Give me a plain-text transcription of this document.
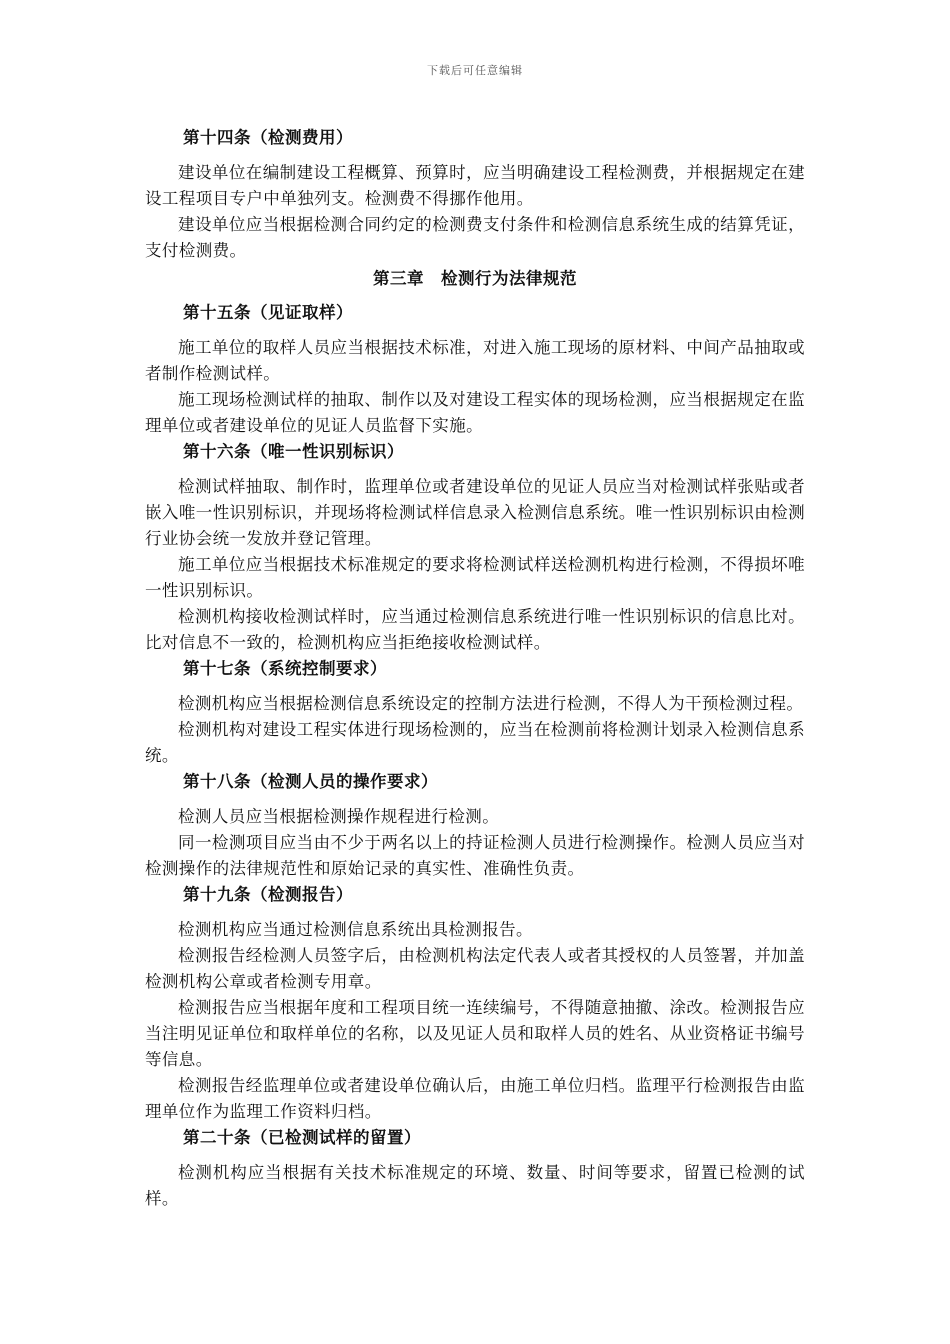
下载后可任意编辑
第十四条（检测费用）

建设单位在编制建设工程概算、预算时，应当明确建设工程检测费，并根据规定在建设工程项目专户中单独列支。检测费不得挪作他用。

建设单位应当根据检测合同约定的检测费支付条件和检测信息系统生成的结算凭证，支付检测费。

第三章　检测行为法律规范
第十五条（见证取样）

施工单位的取样人员应当根据技术标准，对进入施工现场的原材料、中间产品抽取或者制作检测试样。

施工现场检测试样的抽取、制作以及对建设工程实体的现场检测，应当根据规定在监理单位或者建设单位的见证人员监督下实施。

第十六条（唯一性识别标识）

检测试样抽取、制作时，监理单位或者建设单位的见证人员应当对检测试样张贴或者嵌入唯一性识别标识，并现场将检测试样信息录入检测信息系统。唯一性识别标识由检测行业协会统一发放并登记管理。

施工单位应当根据技术标准规定的要求将检测试样送检测机构进行检测，不得损坏唯一性识别标识。

检测机构接收检测试样时，应当通过检测信息系统进行唯一性识别标识的信息比对。比对信息不一致的，检测机构应当拒绝接收检测试样。

第十七条（系统控制要求）

检测机构应当根据检测信息系统设定的控制方法进行检测，不得人为干预检测过程。

检测机构对建设工程实体进行现场检测的，应当在检测前将检测计划录入检测信息系统。

第十八条（检测人员的操作要求）

检测人员应当根据检测操作规程进行检测。

同一检测项目应当由不少于两名以上的持证检测人员进行检测操作。检测人员应当对检测操作的法律规范性和原始记录的真实性、准确性负责。

第十九条（检测报告）

检测机构应当通过检测信息系统出具检测报告。

检测报告经检测人员签字后，由检测机构法定代表人或者其授权的人员签署，并加盖检测机构公章或者检测专用章。

检测报告应当根据年度和工程项目统一连续编号，不得随意抽撤、涂改。检测报告应当注明见证单位和取样单位的名称，以及见证人员和取样人员的姓名、从业资格证书编号等信息。

检测报告经监理单位或者建设单位确认后，由施工单位归档。监理平行检测报告由监理单位作为监理工作资料归档。

第二十条（已检测试样的留置）

检测机构应当根据有关技术标准规定的环境、数量、时间等要求，留置已检测的试样。
